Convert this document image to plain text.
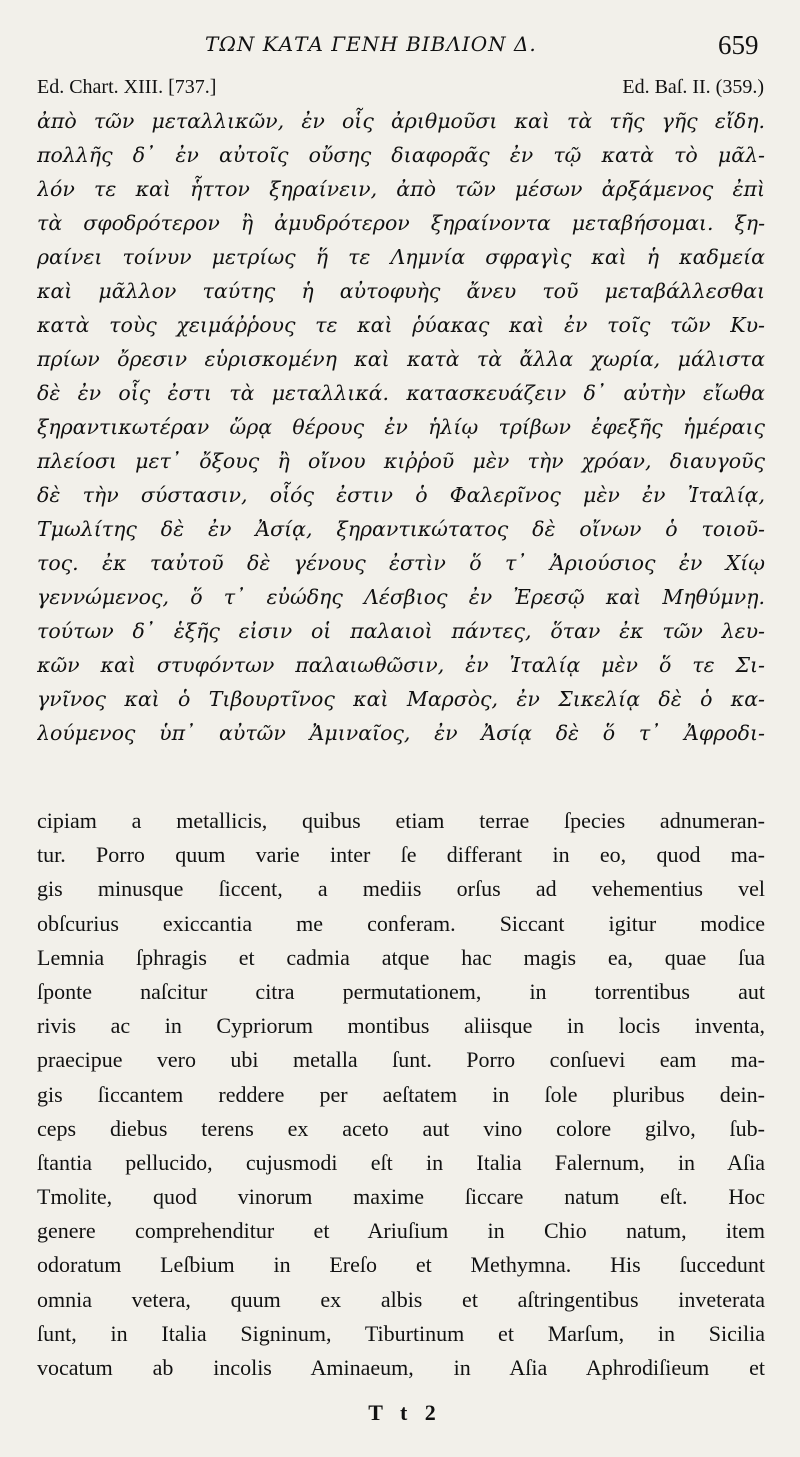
ΤΩΝ ΚΑΤΑ ΓΕΝΗ ΒΙΒΛΙΟΝ Δ.	659
Ed. Chart. XIII. [737.]	Ed. Baſ. II. (359.)
ἀπὸ τῶν μεταλλικῶν, ἐν οἷς ἀριθμοῦσι καὶ τὰ τῆς γῆς εἴδη.
πολλῆς δ᾽ ἐν αὐτοῖς οὔσης διαφορᾶς ἐν τῷ κατὰ τὸ μᾶλ-
λόν τε καὶ ἧττον ξηραίνειν, ἀπὸ τῶν μέσων ἀρξάμενος ἐπὶ
τὰ σφοδρότερον ἢ ἀμυδρότερον ξηραίνοντα μεταβήσομαι. ξη-
ραίνει τοίνυν μετρίως ἥ τε Λημνία σφραγὶς καὶ ἡ καδμεία
καὶ μᾶλλον ταύτης ἡ αὐτοφυὴς ἄνευ τοῦ μεταβάλλεσθαι
κατὰ τοὺς χειμάῤῥους τε καὶ ῥύακας καὶ ἐν τοῖς τῶν Κυ-
πρίων ὄρεσιν εὑρισκομένη καὶ κατὰ τὰ ἄλλα χωρία, μάλιστα
δὲ ἐν οἷς ἐστι τὰ μεταλλικά. κατασκευάζειν δ᾽ αὐτὴν εἴωθα
ξηραντικωτέραν ὥρᾳ θέρους ἐν ἡλίῳ τρίβων ἐφεξῆς ἡμέραις
πλείοσι μετ᾽ ὄξους ἢ οἴνου κιῤῥοῦ μὲν τὴν χρόαν, διαυγοῦς
δὲ τὴν σύστασιν, οἷός ἐστιν ὁ Φαλερῖνος μὲν ἐν Ἰταλίᾳ,
Τμωλίτης δὲ ἐν Ἀσίᾳ, ξηραντικώτατος δὲ οἴνων ὁ τοιοῦ-
τος. ἐκ ταὐτοῦ δὲ γένους ἐστὶν ὅ τ᾽ Ἀριούσιος ἐν Χίῳ
γεννώμενος, ὅ τ᾽ εὐώδης Λέσβιος ἐν Ἐρεσῷ καὶ Μηθύμνῃ.
τούτων δ᾽ ἑξῆς εἰσιν οἱ παλαιοὶ πάντες, ὅταν ἐκ τῶν λευ-
κῶν καὶ στυφόντων παλαιωθῶσιν, ἐν Ἰταλίᾳ μὲν ὅ τε Σι-
γνῖνος καὶ ὁ Τιβουρτῖνος καὶ Μαρσὸς, ἐν Σικελίᾳ δὲ ὁ κα-
λούμενος ὑπ᾽ αὐτῶν Ἀμιναῖος, ἐν Ἀσίᾳ δὲ ὅ τ᾽ Ἀφροδι-
cipiam a metallicis, quibus etiam terrae ſpecies adnumeran-
tur. Porro quum varie inter ſe differant in eo, quod ma-
gis minusque ſiccent, a mediis orſus ad vehementius vel
obſcurius exiccantia me conferam. Siccant igitur modice
Lemnia ſphragis et cadmia atque hac magis ea, quae ſua
ſponte naſcitur citra permutationem, in torrentibus aut
rivis ac in Cypriorum montibus aliisque in locis inventa,
praecipue vero ubi metalla ſunt. Porro conſuevi eam ma-
gis ſiccantem reddere per aeſtatem in ſole pluribus dein-
ceps diebus terens ex aceto aut vino colore gilvo, ſub-
ſtantia pellucido, cujusmodi eſt in Italia Falernum, in Aſia
Tmolite, quod vinorum maxime ſiccare natum eſt. Hoc
genere comprehenditur et Ariuſium in Chio natum, item
odoratum Leſbium in Ereſo et Methymna. His ſuccedunt
omnia vetera, quum ex albis et aſtringentibus inveterata
ſunt, in Italia Signinum, Tiburtinum et Marſum, in Sicilia
vocatum ab incolis Aminaeum, in Aſia Aphrodiſieum et
T t 2
